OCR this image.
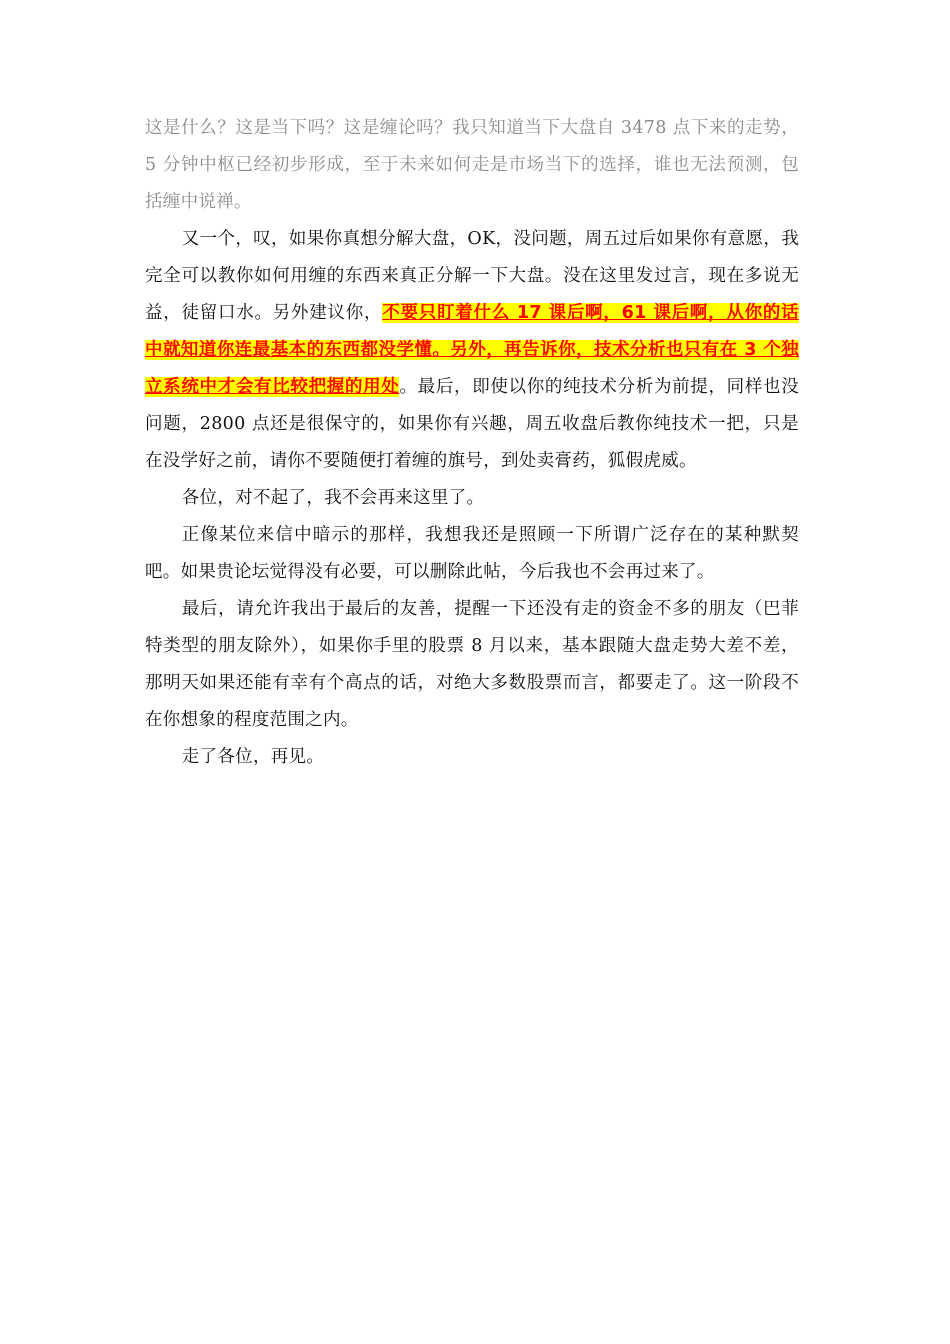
这是什么？这是当下吗？这是缠论吗？我只知道当下大盘自 3478 点下来的走势，5 分钟中枢已经初步形成，至于未来如何走是市场当下的选择，谁也无法预测，包括缠中说禅。

又一个，叹，如果你真想分解大盘，OK，没问题，周五过后如果你有意愿，我完全可以教你如何用缠的东西来真正分解一下大盘。没在这里发过言，现在多说无益，徒留口水。另外建议你，不要只盯着什么 17 课后啊，61 课后啊，从你的话中就知道你连最基本的东西都没学懂。另外，再告诉你，技术分析也只有在 3 个独立系统中才会有比较把握的用处。最后，即使以你的纯技术分析为前提，同样也没问题，2800 点还是很保守的，如果你有兴趣，周五收盘后教你纯技术一把，只是在没学好之前，请你不要随便打着缠的旗号，到处卖膏药，狐假虎威。

各位，对不起了，我不会再来这里了。

正像某位来信中暗示的那样，我想我还是照顾一下所谓广泛存在的某种默契吧。如果贵论坛觉得没有必要，可以删除此帖，今后我也不会再过来了。

最后，请允许我出于最后的友善，提醒一下还没有走的资金不多的朋友（巴菲特类型的朋友除外），如果你手里的股票 8 月以来，基本跟随大盘走势大差不差，那明天如果还能有幸有个高点的话，对绝大多数股票而言，都要走了。这一阶段不在你想象的程度范围之内。

走了各位，再见。
